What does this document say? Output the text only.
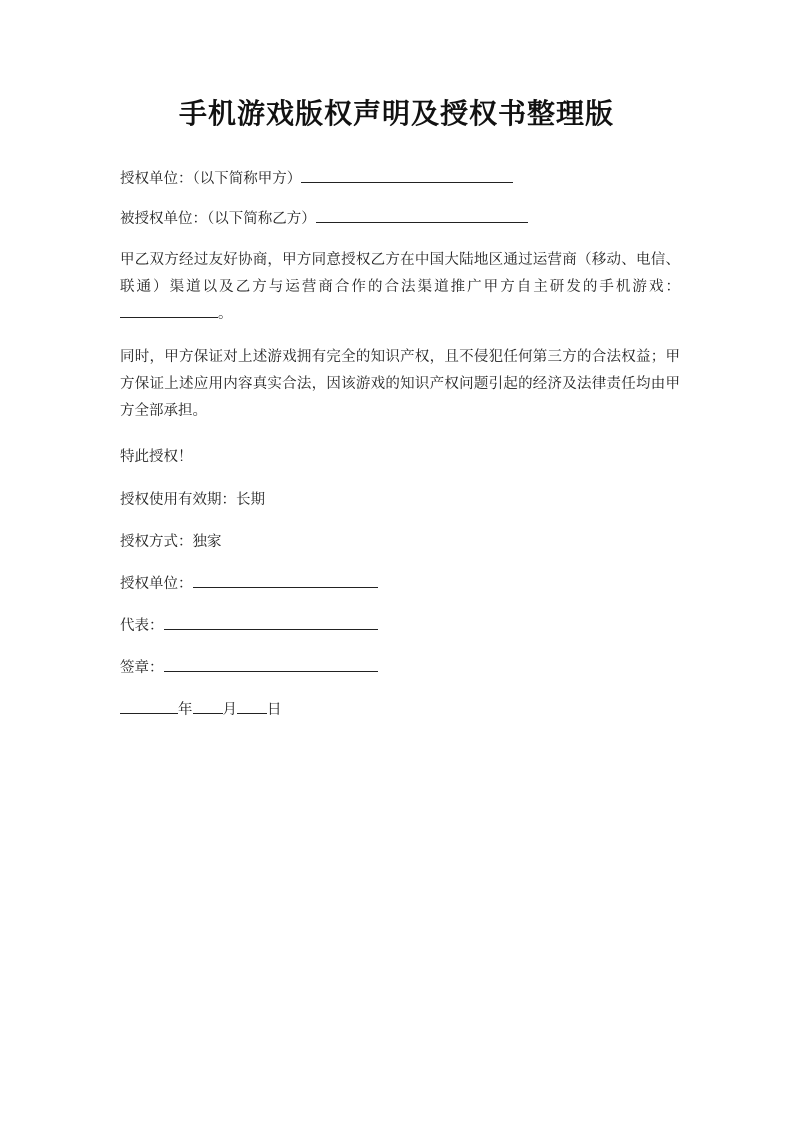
手机游戏版权声明及授权书整理版
授权单位：（以下简称甲方）
被授权单位：（以下简称乙方）
甲乙双方经过友好协商，甲方同意授权乙方在中国大陆地区通过运营商（移动、电信、联通）渠道以及乙方与运营商合作的合法渠道推广甲方自主研发的手机游戏：。
同时，甲方保证对上述游戏拥有完全的知识产权，且不侵犯任何第三方的合法权益；甲方保证上述应用内容真实合法，因该游戏的知识产权问题引起的经济及法律责任均由甲方全部承担。
特此授权！
授权使用有效期：长期
授权方式：独家
授权单位：
代表：
签章：
年 月 日
